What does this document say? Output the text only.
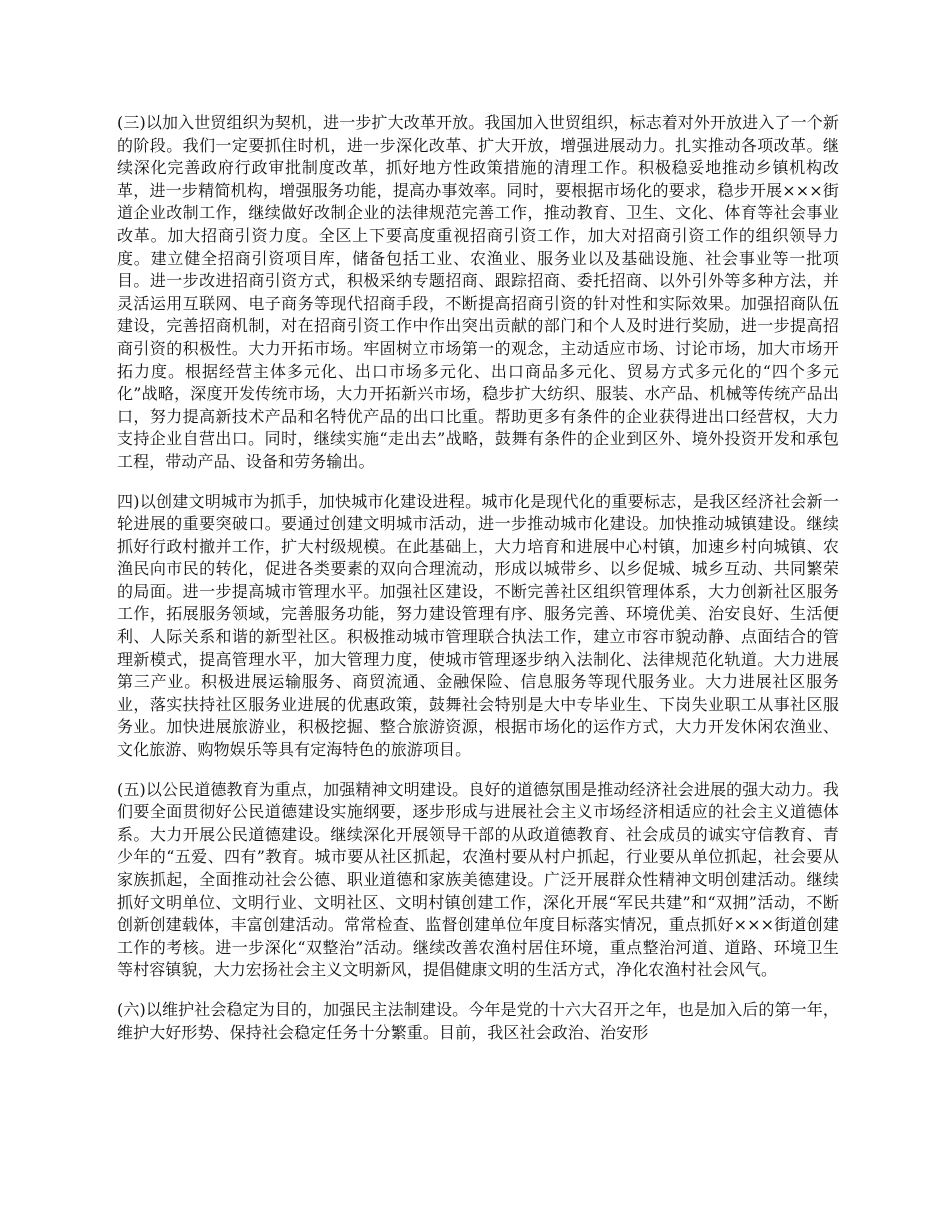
(三)以加入世贸组织为契机，进一步扩大改革开放。我国加入世贸组织，标志着对外开放进入了一个新的阶段。我们一定要抓住时机，进一步深化改革、扩大开放，增强进展动力。扎实推动各项改革。继续深化完善政府行政审批制度改革，抓好地方性政策措施的清理工作。积极稳妥地推动乡镇机构改革，进一步精简机构，增强服务功能，提高办事效率。同时，要根据市场化的要求，稳步开展×××街道企业改制工作，继续做好改制企业的法律规范完善工作，推动教育、卫生、文化、体育等社会事业改革。加大招商引资力度。全区上下要高度重视招商引资工作，加大对招商引资工作的组织领导力度。建立健全招商引资项目库，储备包括工业、农渔业、服务业以及基础设施、社会事业等一批项目。进一步改进招商引资方式，积极采纳专题招商、跟踪招商、委托招商、以外引外等多种方法，并灵活运用互联网、电子商务等现代招商手段，不断提高招商引资的针对性和实际效果。加强招商队伍建设，完善招商机制，对在招商引资工作中作出突出贡献的部门和个人及时进行奖励，进一步提高招商引资的积极性。大力开拓市场。牢固树立市场第一的观念，主动适应市场、讨论市场，加大市场开拓力度。根据经营主体多元化、出口市场多元化、出口商品多元化、贸易方式多元化的“四个多元化”战略，深度开发传统市场，大力开拓新兴市场，稳步扩大纺织、服装、水产品、机械等传统产品出口，努力提高新技术产品和名特优产品的出口比重。帮助更多有条件的企业获得进出口经营权，大力支持企业自营出口。同时，继续实施“走出去”战略，鼓舞有条件的企业到区外、境外投资开发和承包工程，带动产品、设备和劳务输出。

四)以创建文明城市为抓手，加快城市化建设进程。城市化是现代化的重要标志，是我区经济社会新一轮进展的重要突破口。要通过创建文明城市活动，进一步推动城市化建设。加快推动城镇建设。继续抓好行政村撤并工作，扩大村级规模。在此基础上，大力培育和进展中心村镇，加速乡村向城镇、农渔民向市民的转化，促进各类要素的双向合理流动，形成以城带乡、以乡促城、城乡互动、共同繁荣的局面。进一步提高城市管理水平。加强社区建设，不断完善社区组织管理体系，大力创新社区服务工作，拓展服务领域，完善服务功能，努力建设管理有序、服务完善、环境优美、治安良好、生活便利、人际关系和谐的新型社区。积极推动城市管理联合执法工作，建立市容市貌动静、点面结合的管理新模式，提高管理水平，加大管理力度，使城市管理逐步纳入法制化、法律规范化轨道。大力进展第三产业。积极进展运输服务、商贸流通、金融保险、信息服务等现代服务业。大力进展社区服务业，落实扶持社区服务业进展的优惠政策，鼓舞社会特别是大中专毕业生、下岗失业职工从事社区服务业。加快进展旅游业，积极挖掘、整合旅游资源，根据市场化的运作方式，大力开发休闲农渔业、文化旅游、购物娱乐等具有定海特色的旅游项目。

(五)以公民道德教育为重点，加强精神文明建设。良好的道德氛围是推动经济社会进展的强大动力。我们要全面贯彻好公民道德建设实施纲要，逐步形成与进展社会主义市场经济相适应的社会主义道德体系。大力开展公民道德建设。继续深化开展领导干部的从政道德教育、社会成员的诚实守信教育、青少年的“五爱、四有”教育。城市要从社区抓起，农渔村要从村户抓起，行业要从单位抓起，社会要从家族抓起，全面推动社会公德、职业道德和家族美德建设。广泛开展群众性精神文明创建活动。继续抓好文明单位、文明行业、文明社区、文明村镇创建工作，深化开展“军民共建”和“双拥”活动，不断创新创建载体，丰富创建活动。常常检查、监督创建单位年度目标落实情况，重点抓好×××街道创建工作的考核。进一步深化“双整治”活动。继续改善农渔村居住环境，重点整治河道、道路、环境卫生等村容镇貌，大力宏扬社会主义文明新风，提倡健康文明的生活方式，净化农渔村社会风气。

(六)以维护社会稳定为目的，加强民主法制建设。今年是党的十六大召开之年，也是加入后的第一年，维护大好形势、保持社会稳定任务十分繁重。目前，我区社会政治、治安形
